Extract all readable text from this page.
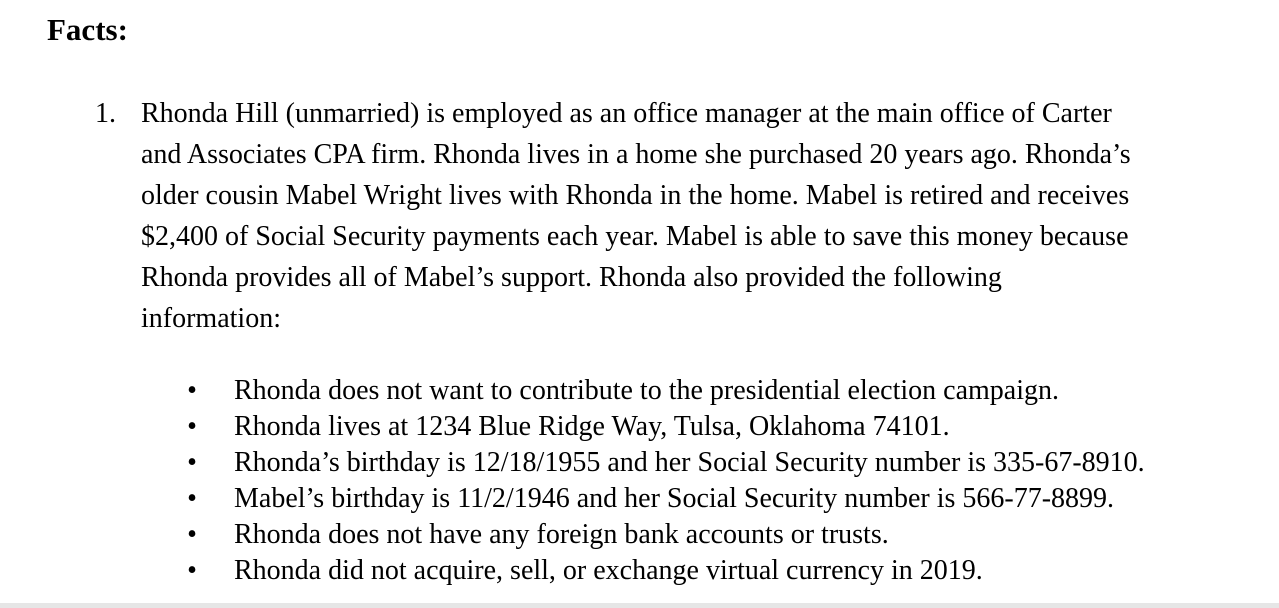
Facts:
1. Rhonda Hill (unmarried) is employed as an office manager at the main office of Carter
and Associates CPA firm. Rhonda lives in a home she purchased 20 years ago. Rhonda’s
older cousin Mabel Wright lives with Rhonda in the home. Mabel is retired and receives
$2,400 of Social Security payments each year. Mabel is able to save this money because
Rhonda provides all of Mabel’s support. Rhonda also provided the following
information:

• Rhonda does not want to contribute to the presidential election campaign.
• Rhonda lives at 1234 Blue Ridge Way, Tulsa, Oklahoma 74101.
• Rhonda’s birthday is 12/18/1955 and her Social Security number is 335-67-8910.
• Mabel’s birthday is 11/2/1946 and her Social Security number is 566-77-8899.
• Rhonda does not have any foreign bank accounts or trusts.
• Rhonda did not acquire, sell, or exchange virtual currency in 2019.
